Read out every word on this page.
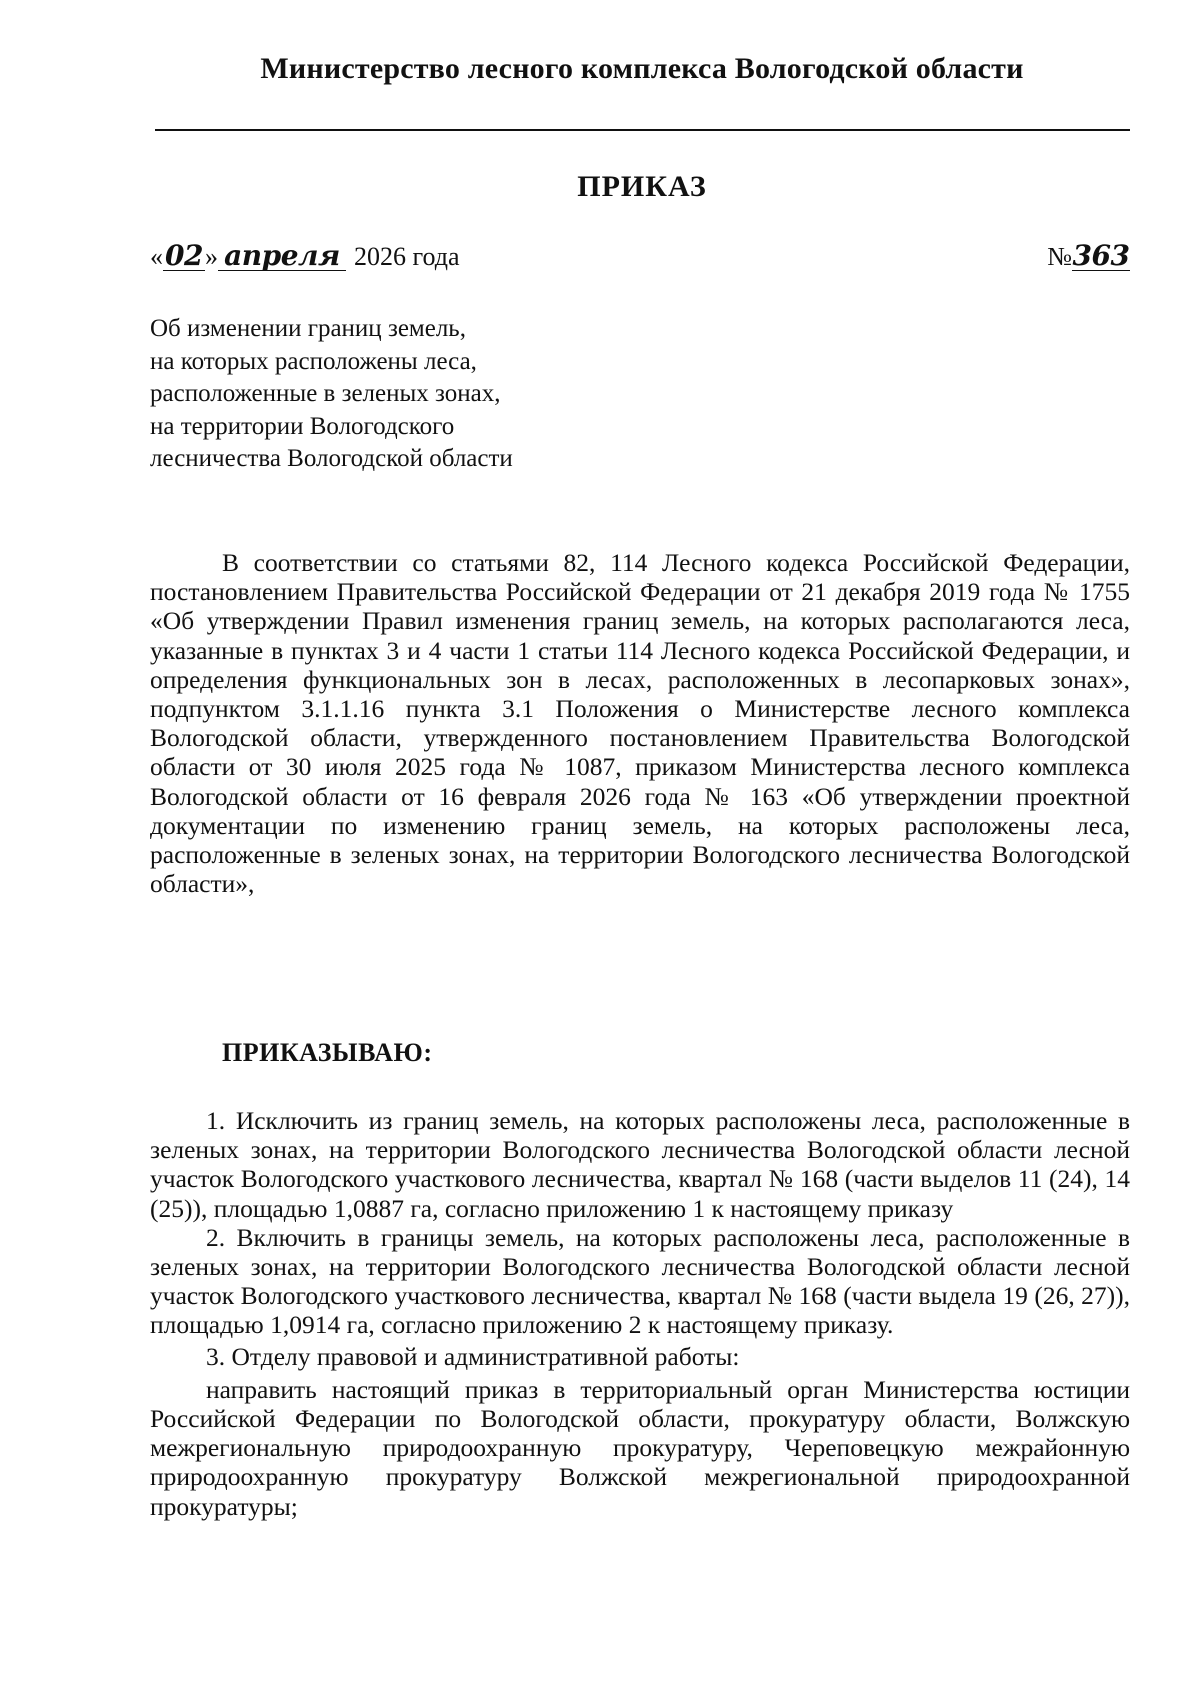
Министерство лесного комплекса Вологодской области
ПРИКАЗ
«02» апреля 2026 года	№363
Об изменении границ земель,
на которых расположены леса,
расположенные в зеленых зонах,
на территории Вологодского
лесничества Вологодской области
В соответствии со статьями 82, 114 Лесного кодекса Российской Федерации, постановлением Правительства Российской Федерации от 21 декабря 2019 года № 1755 «Об утверждении Правил изменения границ земель, на которых располагаются леса, указанные в пунктах 3 и 4 части 1 статьи 114 Лесного кодекса Российской Федерации, и определения функциональных зон в лесах, расположенных в лесопарковых зонах», подпунктом 3.1.1.16 пункта 3.1 Положения о Министерстве лесного комплекса Вологодской области, утвержденного постановлением Правительства Вологодской области от 30 июля 2025 года № 1087, приказом Министерства лесного комплекса Вологодской области от 16 февраля 2026 года № 163 «Об утверждении проектной документации по изменению границ земель, на которых расположены леса, расположенные в зеленых зонах, на территории Вологодского лесничества Вологодской области»,
ПРИКАЗЫВАЮ:

1. Исключить из границ земель, на которых расположены леса, расположенные в зеленых зонах, на территории Вологодского лесничества Вологодской области лесной участок Вологодского участкового лесничества, квартал № 168 (части выделов 11 (24), 14 (25)), площадью 1,0887 га, согласно приложению 1 к настоящему приказу

2. Включить в границы земель, на которых расположены леса, расположенные в зеленых зонах, на территории Вологодского лесничества Вологодской области лесной участок Вологодского участкового лесничества, квартал № 168 (части выдела 19 (26, 27)), площадью 1,0914 га, согласно приложению 2 к настоящему приказу.

3. Отделу правовой и административной работы:

направить настоящий приказ в территориальный орган Министерства юстиции Российской Федерации по Вологодской области, прокуратуру области, Волжскую межрегиональную природоохранную прокуратуру, Череповецкую межрайонную природоохранную прокуратуру Волжской межрегиональной природоохранной прокуратуры;
